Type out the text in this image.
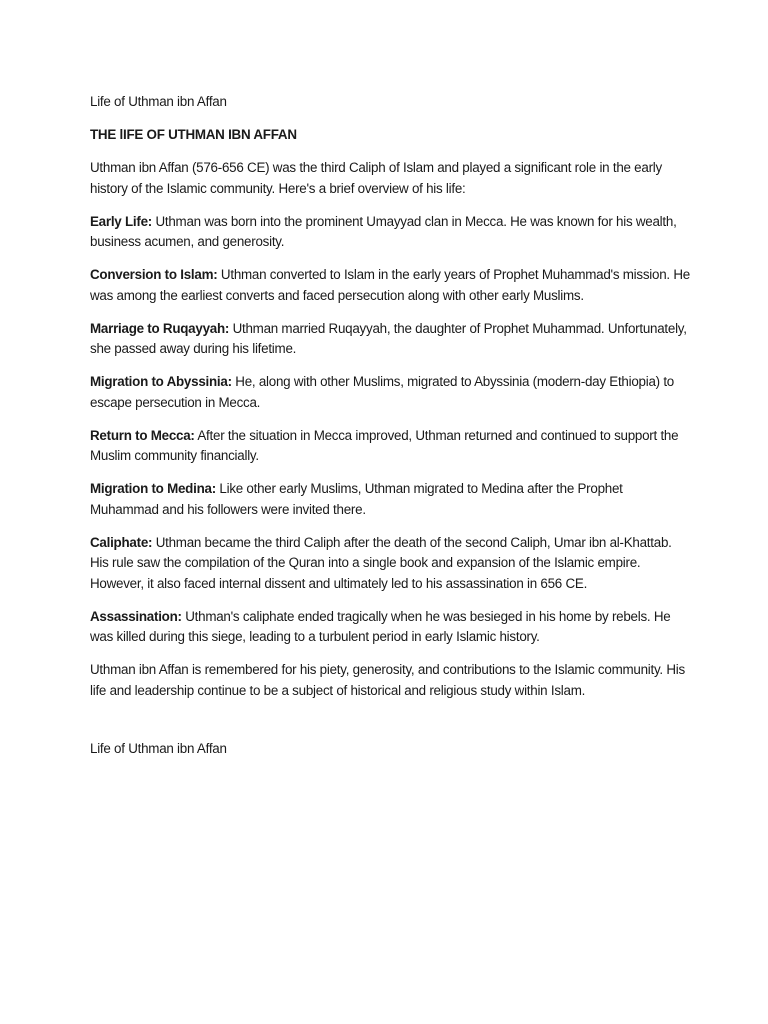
Life of Uthman ibn Affan

THE lIFE OF UTHMAN IBN AFFAN

Uthman ibn Affan (576-656 CE) was the third Caliph of Islam and played a significant role in the early history of the Islamic community. Here's a brief overview of his life:

Early Life: Uthman was born into the prominent Umayyad clan in Mecca. He was known for his wealth, business acumen, and generosity.

Conversion to Islam: Uthman converted to Islam in the early years of Prophet Muhammad's mission. He was among the earliest converts and faced persecution along with other early Muslims.

Marriage to Ruqayyah: Uthman married Ruqayyah, the daughter of Prophet Muhammad. Unfortunately, she passed away during his lifetime.

Migration to Abyssinia: He, along with other Muslims, migrated to Abyssinia (modern-day Ethiopia) to escape persecution in Mecca.

Return to Mecca: After the situation in Mecca improved, Uthman returned and continued to support the Muslim community financially.

Migration to Medina: Like other early Muslims, Uthman migrated to Medina after the Prophet Muhammad and his followers were invited there.

Caliphate: Uthman became the third Caliph after the death of the second Caliph, Umar ibn al-Khattab. His rule saw the compilation of the Quran into a single book and expansion of the Islamic empire. However, it also faced internal dissent and ultimately led to his assassination in 656 CE.

Assassination: Uthman's caliphate ended tragically when he was besieged in his home by rebels. He was killed during this siege, leading to a turbulent period in early Islamic history.

Uthman ibn Affan is remembered for his piety, generosity, and contributions to the Islamic community. His life and leadership continue to be a subject of historical and religious study within Islam.

Life of Uthman ibn Affan
